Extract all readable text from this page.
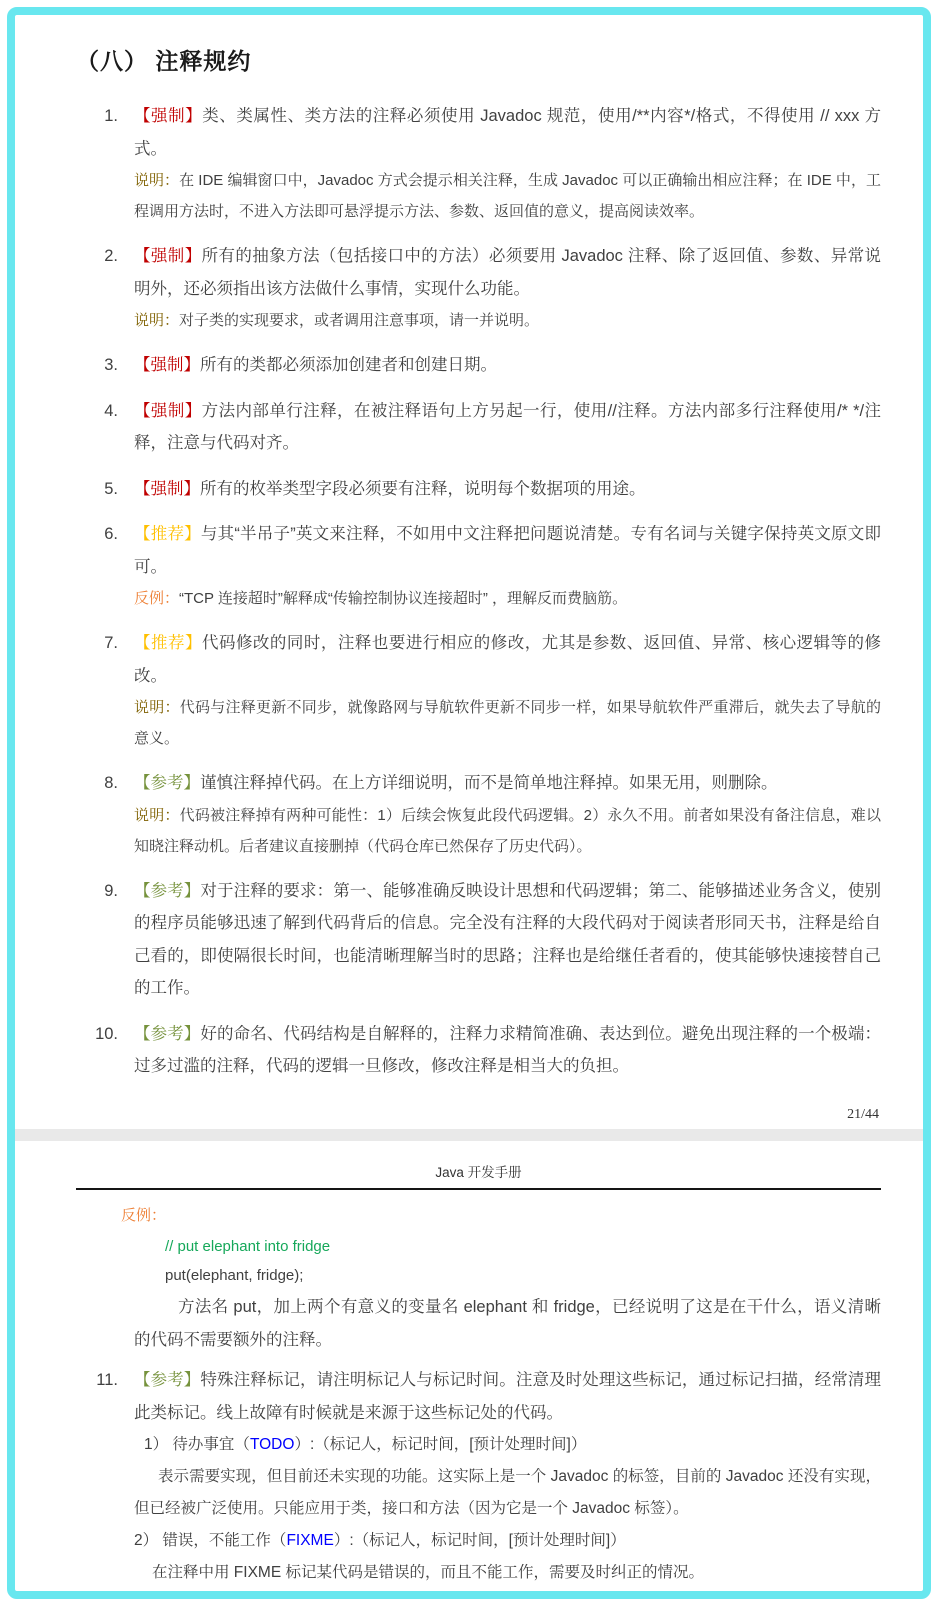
（八） 注释规约
1. 【强制】类、类属性、类方法的注释必须使用 Javadoc 规范，使用/**内容*/格式，不得使用 // xxx 方式。

说明：在 IDE 编辑窗口中，Javadoc 方式会提示相关注释，生成 Javadoc 可以正确输出相应注释；在 IDE 中，工程调用方法时，不进入方法即可悬浮提示方法、参数、返回值的意义，提高阅读效率。

2. 【强制】所有的抽象方法（包括接口中的方法）必须要用 Javadoc 注释、除了返回值、参数、异常说明外，还必须指出该方法做什么事情，实现什么功能。

说明：对子类的实现要求，或者调用注意事项，请一并说明。

3. 【强制】所有的类都必须添加创建者和创建日期。

4. 【强制】方法内部单行注释，在被注释语句上方另起一行，使用//注释。方法内部多行注释使用/* */注释，注意与代码对齐。

5. 【强制】所有的枚举类型字段必须要有注释，说明每个数据项的用途。

6. 【推荐】与其“半吊子”英文来注释，不如用中文注释把问题说清楚。专有名词与关键字保持英文原文即可。

反例：“TCP 连接超时”解释成“传输控制协议连接超时” ，理解反而费脑筋。

7. 【推荐】代码修改的同时，注释也要进行相应的修改，尤其是参数、返回值、异常、核心逻辑等的修改。

说明：代码与注释更新不同步，就像路网与导航软件更新不同步一样，如果导航软件严重滞后，就失去了导航的意义。

8. 【参考】谨慎注释掉代码。在上方详细说明，而不是简单地注释掉。如果无用，则删除。

说明：代码被注释掉有两种可能性：1）后续会恢复此段代码逻辑。2）永久不用。前者如果没有备注信息，难以知晓注释动机。后者建议直接删掉（代码仓库已然保存了历史代码）。

9. 【参考】对于注释的要求：第一、能够准确反映设计思想和代码逻辑；第二、能够描述业务含义，使别的程序员能够迅速了解到代码背后的信息。完全没有注释的大段代码对于阅读者形同天书，注释是给自己看的，即使隔很长时间，也能清晰理解当时的思路；注释也是给继任者看的，使其能够快速接替自己的工作。

10. 【参考】好的命名、代码结构是自解释的，注释力求精简准确、表达到位。避免出现注释的一个极端：过多过滥的注释，代码的逻辑一旦修改，修改注释是相当大的负担。

21/44
Java 开发手册
反例：

// put elephant into fridge

put(elephant, fridge);

方法名 put，加上两个有意义的变量名 elephant 和 fridge，已经说明了这是在干什么，语义清晰的代码不需要额外的注释。

11. 【参考】特殊注释标记，请注明标记人与标记时间。注意及时处理这些标记，通过标记扫描，经常清理此类标记。线上故障有时候就是来源于这些标记处的代码。

1） 待办事宜（TODO）:（标记人，标记时间，[预计处理时间]）

表示需要实现，但目前还未实现的功能。这实际上是一个 Javadoc 的标签，目前的 Javadoc 还没有实现，但已经被广泛使用。只能应用于类，接口和方法（因为它是一个 Javadoc 标签）。

2） 错误，不能工作（FIXME）:（标记人，标记时间，[预计处理时间]）

在注释中用 FIXME 标记某代码是错误的，而且不能工作，需要及时纠正的情况。
